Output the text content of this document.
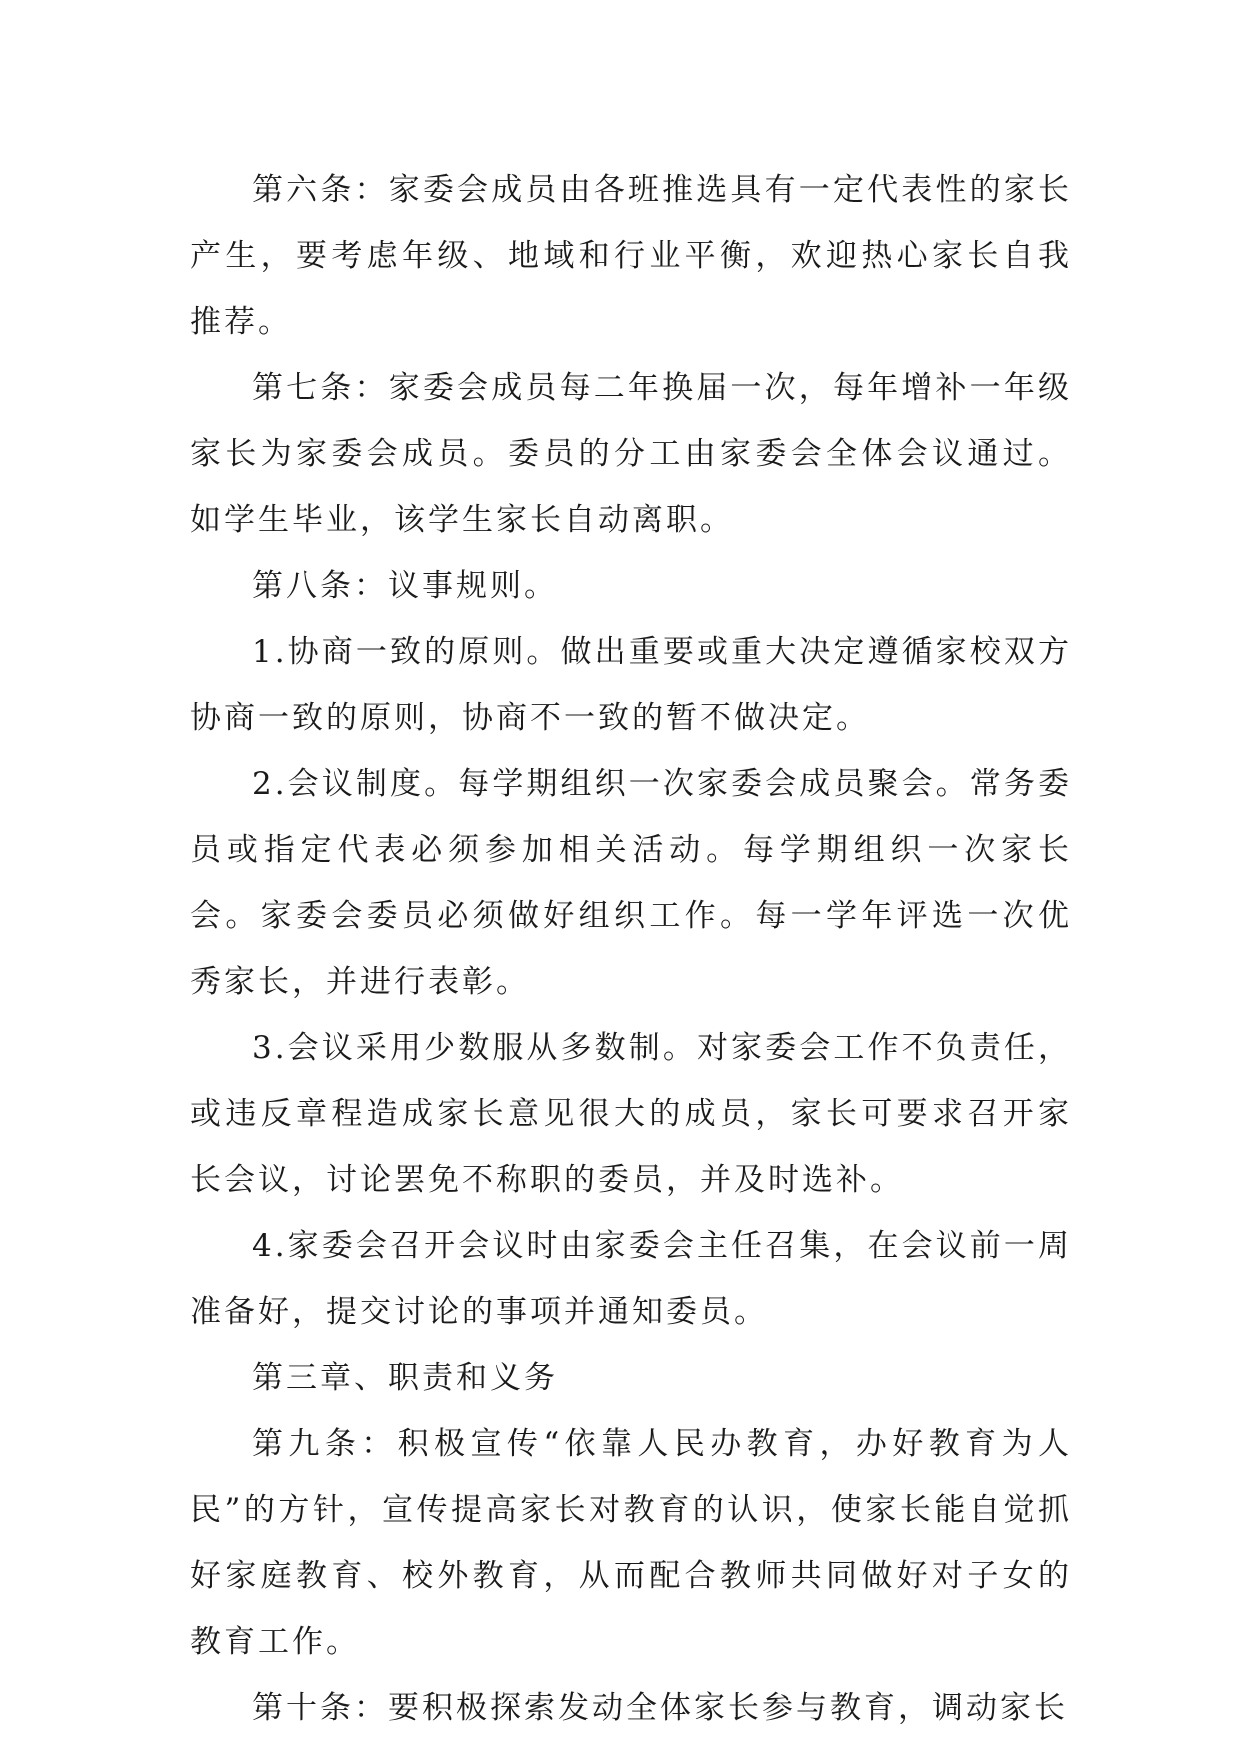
第六条：家委会成员由各班推选具有一定代表性的家长产生，要考虑年级、地域和行业平衡，欢迎热心家长自我推荐。

第七条：家委会成员每二年换届一次，每年增补一年级家长为家委会成员。委员的分工由家委会全体会议通过。如学生毕业，该学生家长自动离职。

第八条：议事规则。

1.协商一致的原则。做出重要或重大决定遵循家校双方协商一致的原则，协商不一致的暂不做决定。

2.会议制度。每学期组织一次家委会成员聚会。常务委员或指定代表必须参加相关活动。每学期组织一次家长会。家委会委员必须做好组织工作。每一学年评选一次优秀家长，并进行表彰。

3.会议采用少数服从多数制。对家委会工作不负责任，或违反章程造成家长意见很大的成员，家长可要求召开家长会议，讨论罢免不称职的委员，并及时选补。

4.家委会召开会议时由家委会主任召集，在会议前一周准备好，提交讨论的事项并通知委员。

第三章、职责和义务

第九条：积极宣传“依靠人民办教育，办好教育为人民”的方针，宣传提高家长对教育的认识，使家长能自觉抓好家庭教育、校外教育，从而配合教师共同做好对子女的教育工作。

第十条：要积极探索发动全体家长参与教育，调动家长
